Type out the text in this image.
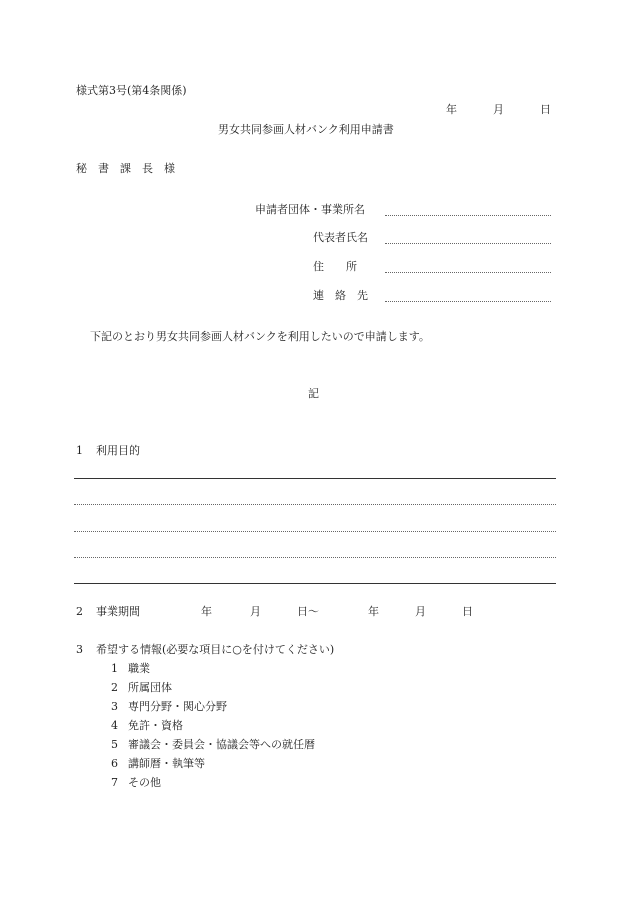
様式第3号(第4条関係)
年	月	日
男女共同参画人材バンク利用申請書
秘　書　課　長　様
申請者団体・事業所名
代表者氏名
住　　所
連　絡　先
下記のとおり男女共同参画人材バンクを利用したいので申請します。
記
1 利用目的
2 事業期間	年	月	日〜	年	月	日
3 希望する情報(必要な項目に○を付けてください)
1 職業
2 所属団体
3 専門分野・関心分野
4 免許・資格
5 審議会・委員会・協議会等への就任暦
6 講師暦・執筆等
7 その他
